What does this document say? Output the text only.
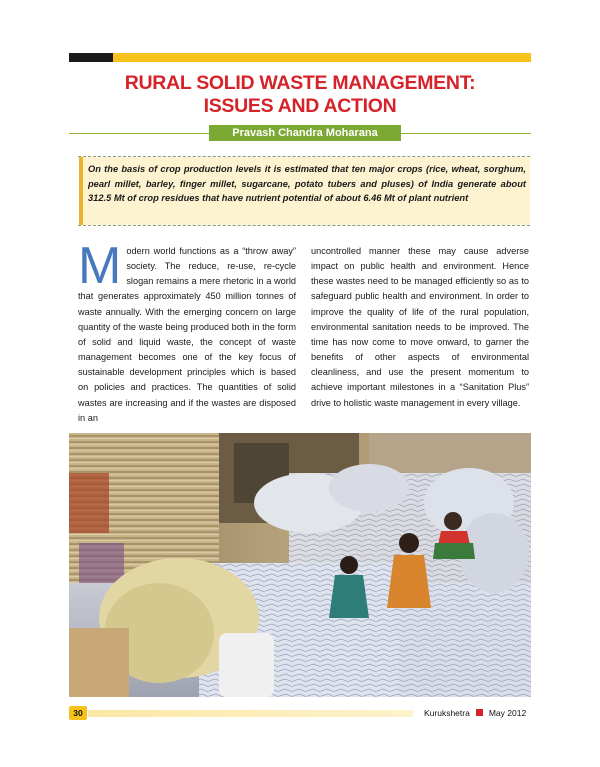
RURAL SOLID WASTE MANAGEMENT:
ISSUES AND ACTION
Pravash Chandra Moharana

On the basis of crop production levels it is estimated that ten major crops (rice, wheat, sorghum, pearl millet, barley, finger millet, sugarcane, potato tubers and pluses) of India generate about 312.5 Mt of crop residues that have nutrient potential of about 6.46 Mt of plant nutrient

Modern world functions as a “throw away” society. The reduce, re-use, re-cycle slogan remains a mere rhetoric in a world that generates approximately 450 million tonnes of waste annually. With the emerging concern on large quantity of the waste being produced both in the form of solid and liquid waste, the concept of waste management becomes one of the key focus of sustainable development principles which is based on policies and practices. The quantities of solid wastes are increasing and if the wastes are disposed in an

uncontrolled manner these may cause adverse impact on public health and environment. Hence these wastes need to be managed efficiently so as to safeguard public health and environment. In order to improve the quality of life of the rural population, environmental sanitation needs to be improved. The time has now come to move onward, to garner the benefits of other aspects of environmental cleanliness, and use the present momentum to achieve important milestones in a “Sanitation Plus” drive to holistic waste management in every village.

30	Kurukshetra May 2012
